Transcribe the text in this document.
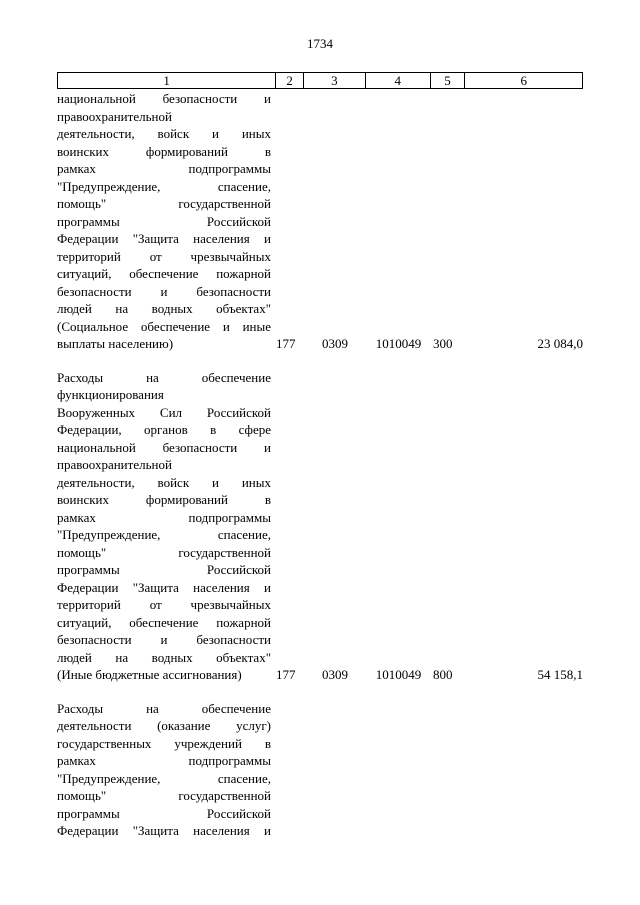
1734
1	2	3	4	5	6
национальной безопасности и
правоохранительной
деятельности, войск и иных
воинских формирований в
рамках подпрограммы
"Предупреждение, спасение,
помощь" государственной
программы Российской
Федерации "Защита населения и
территорий от чрезвычайных
ситуаций, обеспечение пожарной
безопасности и безопасности
людей на водных объектах"
(Социальное обеспечение и иные
выплаты населению)	177	0309	1010049 300	23 084,0
Расходы на обеспечение
функционирования
Вооруженных Сил Российской
Федерации, органов в сфере
национальной безопасности и
правоохранительной
деятельности, войск и иных
воинских формирований в
рамках подпрограммы
"Предупреждение, спасение,
помощь" государственной
программы Российской
Федерации "Защита населения и
территорий от чрезвычайных
ситуаций, обеспечение пожарной
безопасности и безопасности
людей на водных объектах"
(Иные бюджетные ассигнования)	177	0309	1010049 800	54 158,1
Расходы на обеспечение
деятельности (оказание услуг)
государственных учреждений в
рамках подпрограммы
"Предупреждение, спасение,
помощь" государственной
программы Российской
Федерации "Защита населения и
